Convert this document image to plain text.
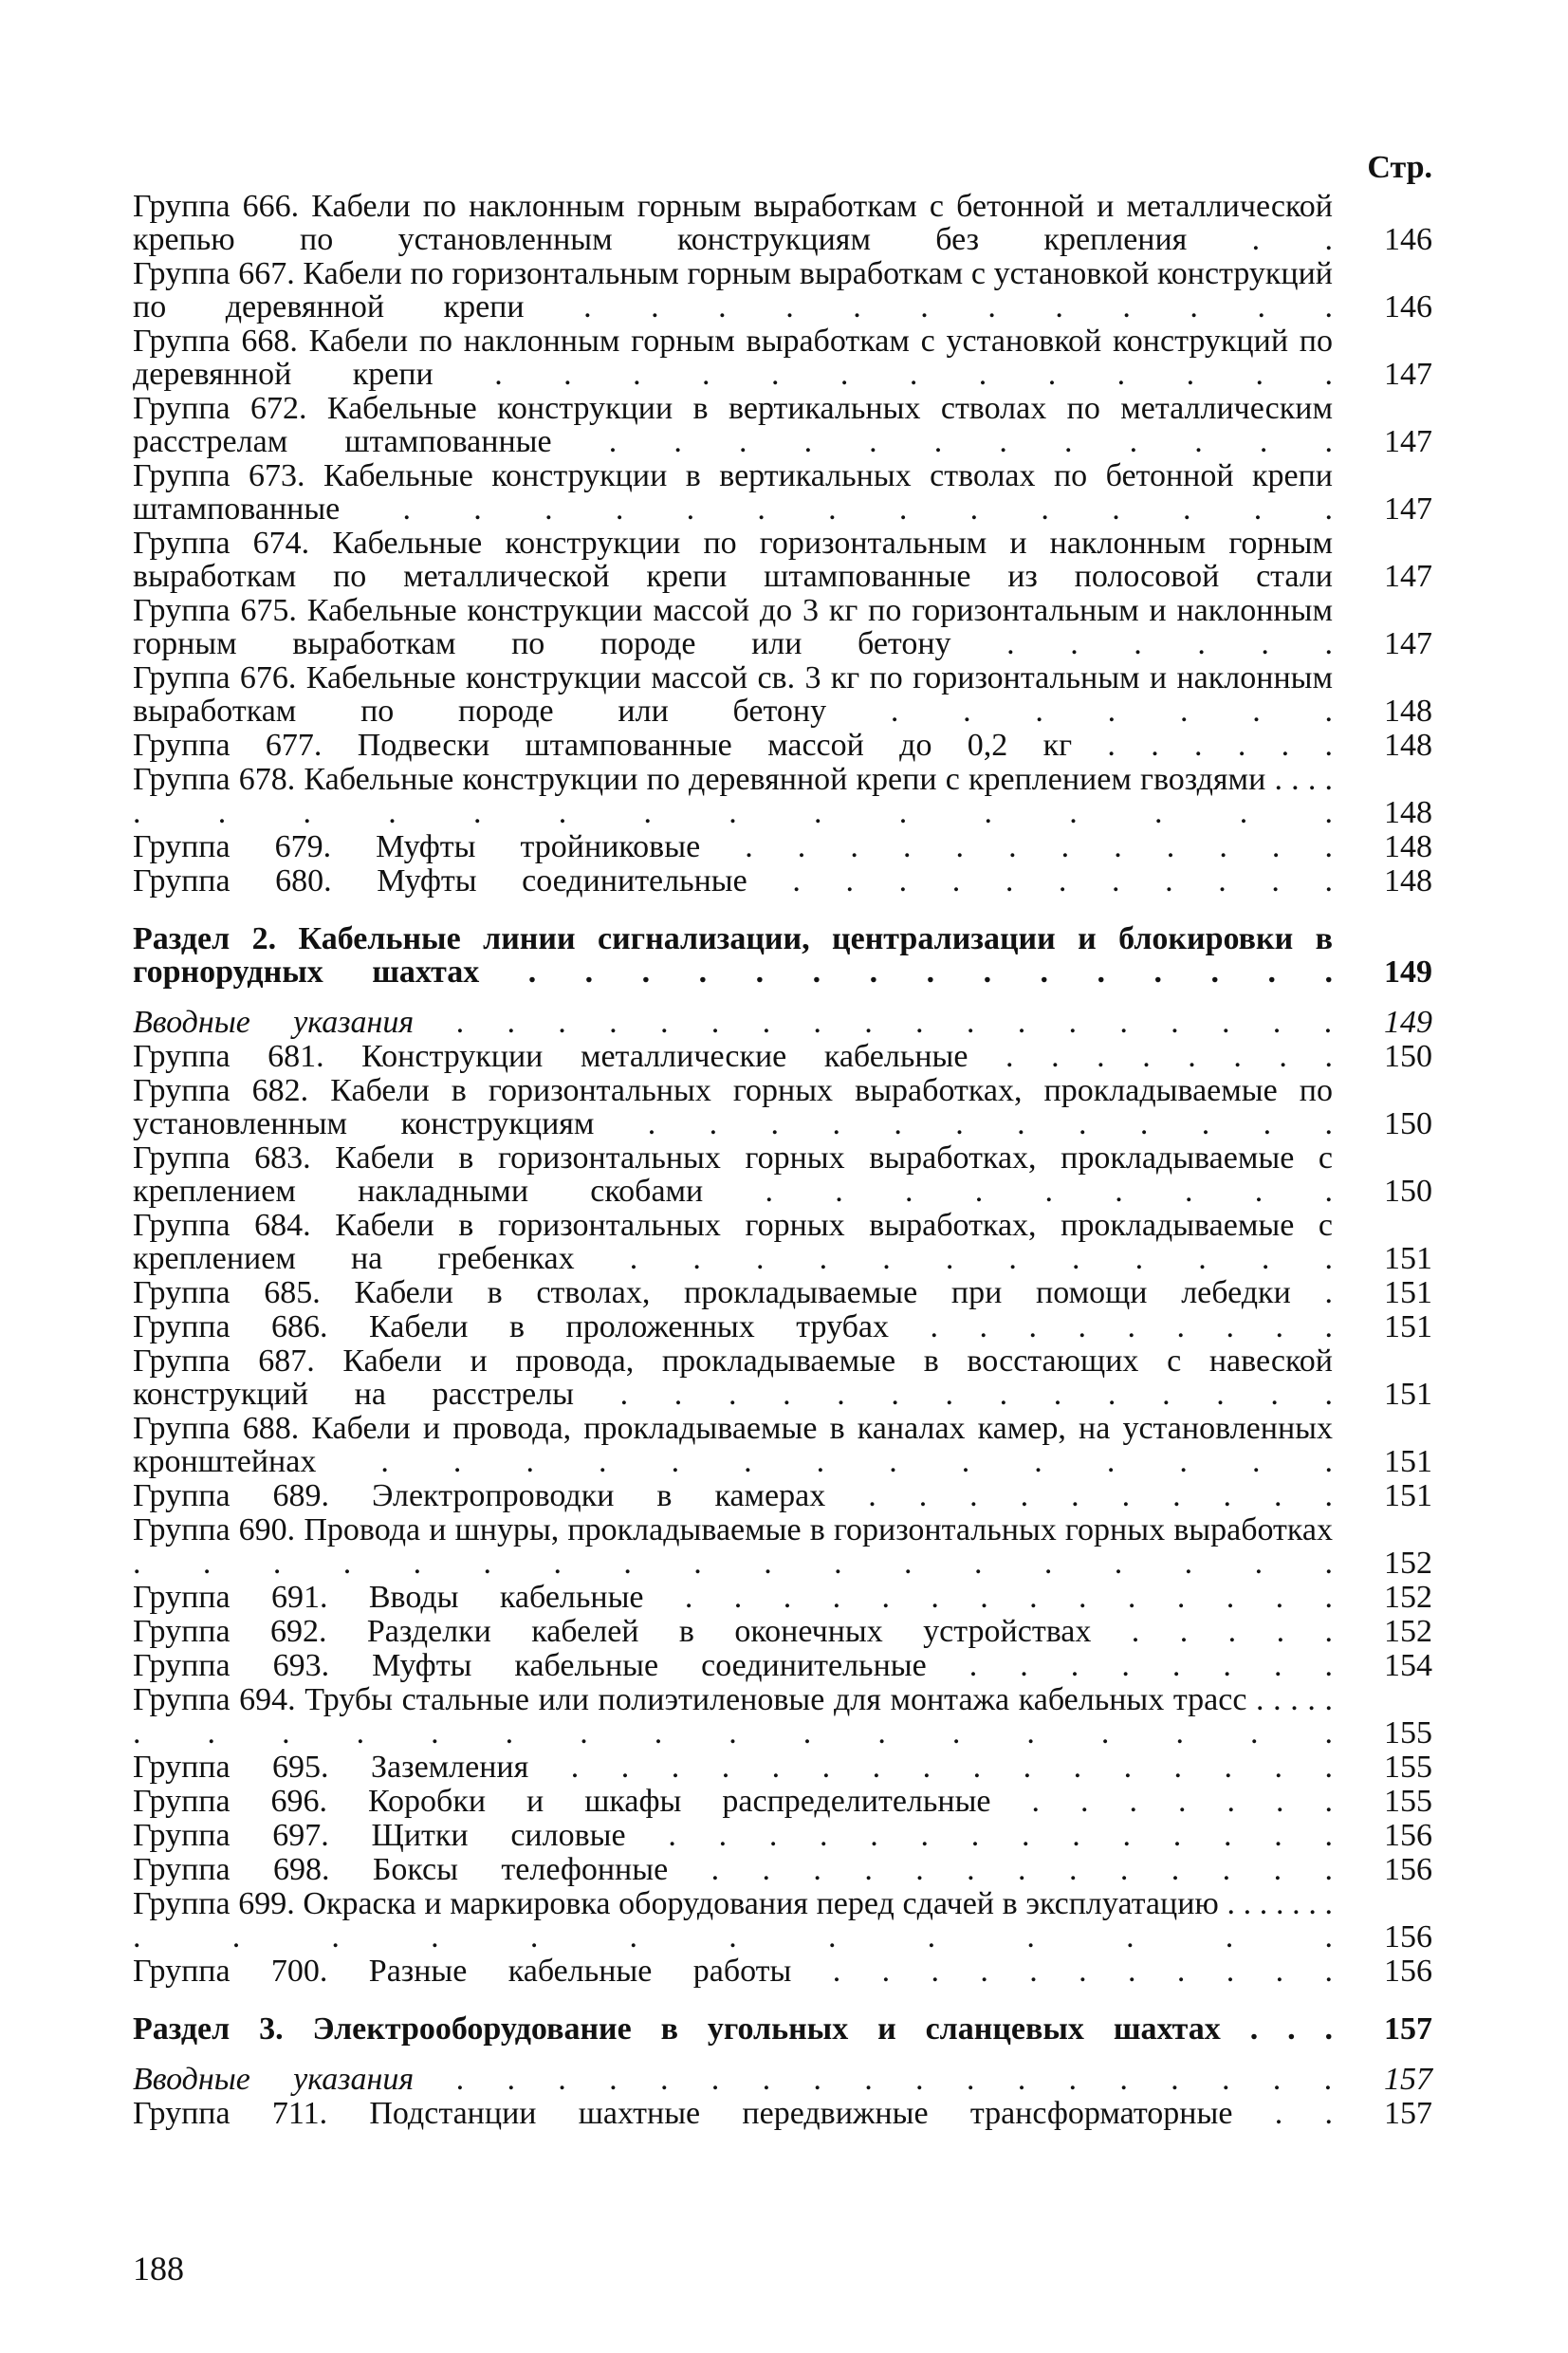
Стр.
Группа 666. Кабели по наклонным горным выработкам с бетонной и металлической крепью по установленным конструкциям без крепления . .	146
Группа 667. Кабели по горизонтальным горным выработкам с установкой конструкций по деревянной крепи . . . . . . . . . . . .	146
Группа 668. Кабели по наклонным горным выработкам с установкой конструкций по деревянной крепи . . . . . . . . . . . . .	147
Группа 672. Кабельные конструкции в вертикальных стволах по металлическим расстрелам штампованные . . . . . . . . . . . .	147
Группа 673. Кабельные конструкции в вертикальных стволах по бетонной крепи штампованные . . . . . . . . . . . . . .	147
Группа 674. Кабельные конструкции по горизонтальным и наклонным горным выработкам по металлической крепи штампованные из полосовой стали	147
Группа 675. Кабельные конструкции массой до 3 кг по горизонтальным и наклонным горным выработкам по породе или бетону . . . . . .	147
Группа 676. Кабельные конструкции массой св. 3 кг по горизонтальным и наклонным выработкам по породе или бетону . . . . . . .	148
Группа 677. Подвески штампованные массой до 0,2 кг . . . . . .	148
Группа 678. Кабельные конструкции по деревянной крепи с креплением гвоздями . . . . . . . . . . . . . . . . . . .	148
Группа 679. Муфты тройниковые . . . . . . . . . . . .	148
Группа 680. Муфты соединительные . . . . . . . . . . .	148
Раздел 2. Кабельные линии сигнализации, централизации и блокировки в горнорудных шахтах . . . . . . . . . . . . . . .	149
Вводные указания . . . . . . . . . . . . . . . . . .	149
Группа 681. Конструкции металлические кабельные . . . . . . . .	150
Группа 682. Кабели в горизонтальных горных выработках, прокладываемые по установленным конструкциям . . . . . . . . . . . .	150
Группа 683. Кабели в горизонтальных горных выработках, прокладываемые с креплением накладными скобами . . . . . . . . .	150
Группа 684. Кабели в горизонтальных горных выработках, прокладываемые с креплением на гребенках . . . . . . . . . . . .	151
Группа 685. Кабели в стволах, прокладываемые при помощи лебедки .	151
Группа 686. Кабели в проложенных трубах . . . . . . . . .	151
Группа 687. Кабели и провода, прокладываемые в восстающих с навеской конструкций на расстрелы . . . . . . . . . . . . . .	151
Группа 688. Кабели и провода, прокладываемые в каналах камер, на установленных кронштейнах . . . . . . . . . . . . . .	151
Группа 689. Электропроводки в камерах . . . . . . . . . .	151
Группа 690. Провода и шнуры, прокладываемые в горизонтальных горных выработках . . . . . . . . . . . . . . . . . .	152
Группа 691. Вводы кабельные . . . . . . . . . . . . . .	152
Группа 692. Разделки кабелей в оконечных устройствах . . . . .	152
Группа 693. Муфты кабельные соединительные . . . . . . . .	154
Группа 694. Трубы стальные или полиэтиленовые для монтажа кабельных трасс . . . . . . . . . . . . . . . . . . . . . .	155
Группа 695. Заземления . . . . . . . . . . . . . . . .	155
Группа 696. Коробки и шкафы распределительные . . . . . . .	155
Группа 697. Щитки силовые . . . . . . . . . . . . . .	156
Группа 698. Боксы телефонные . . . . . . . . . . . . .	156
Группа 699. Окраска и маркировка оборудования перед сдачей в эксплуатацию . . . . . . . . . . . . . . . . . . . .	156
Группа 700. Разные кабельные работы . . . . . . . . . . .	156
Раздел 3. Электрооборудование в угольных и сланцевых шахтах . . .	157
Вводные указания . . . . . . . . . . . . . . . . . .	157
Группа 711. Подстанции шахтные передвижные трансформаторные . .	157
188
